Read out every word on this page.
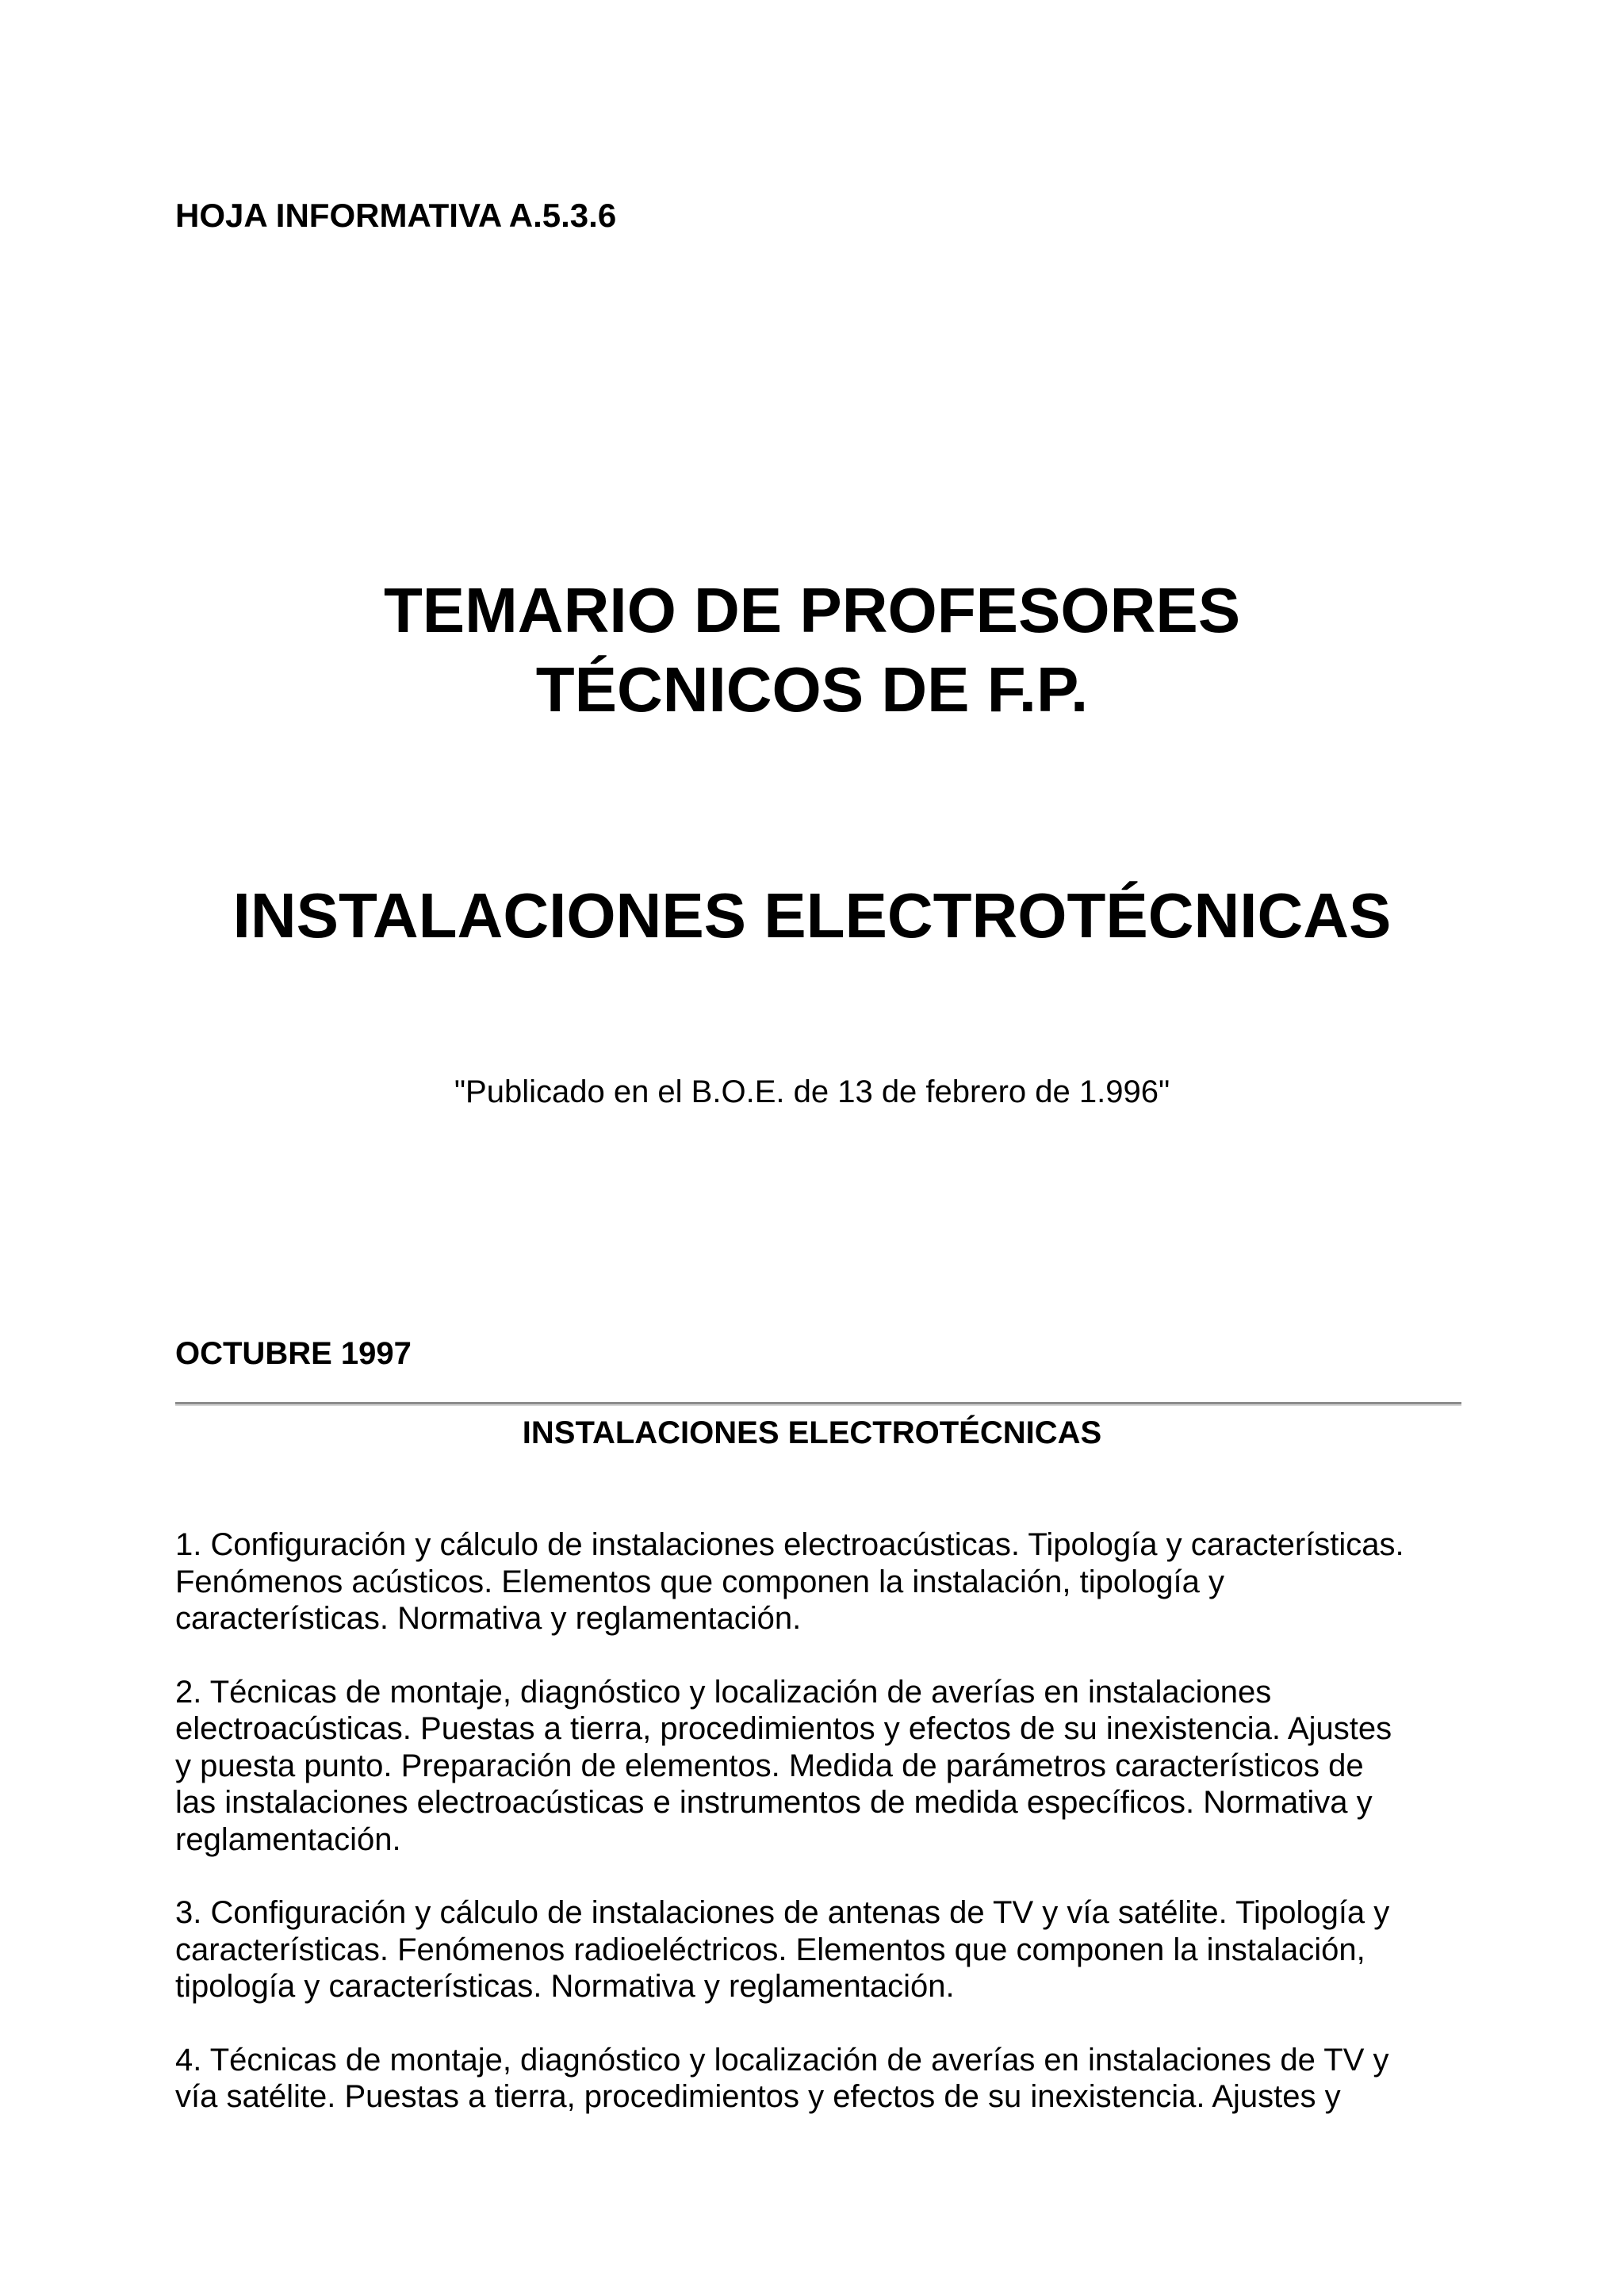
HOJA INFORMATIVA A.5.3.6
TEMARIO DE PROFESORES
TÉCNICOS DE F.P.
INSTALACIONES ELECTROTÉCNICAS
"Publicado en el B.O.E. de 13 de febrero de 1.996"
OCTUBRE 1997
INSTALACIONES ELECTROTÉCNICAS

1. Configuración y cálculo de instalaciones electroacústicas. Tipología y características.
Fenómenos acústicos. Elementos que componen la instalación, tipología y
características. Normativa y reglamentación.

2. Técnicas de montaje, diagnóstico y localización de averías en instalaciones
electroacústicas. Puestas a tierra, procedimientos y efectos de su inexistencia. Ajustes
y puesta punto. Preparación de elementos. Medida de parámetros característicos de
las instalaciones electroacústicas e instrumentos de medida específicos. Normativa y
reglamentación.

3. Configuración y cálculo de instalaciones de antenas de TV y vía satélite. Tipología y
características. Fenómenos radioeléctricos. Elementos que componen la instalación,
tipología y características. Normativa y reglamentación.

4. Técnicas de montaje, diagnóstico y localización de averías en instalaciones de TV y
vía satélite. Puestas a tierra, procedimientos y efectos de su inexistencia. Ajustes y
